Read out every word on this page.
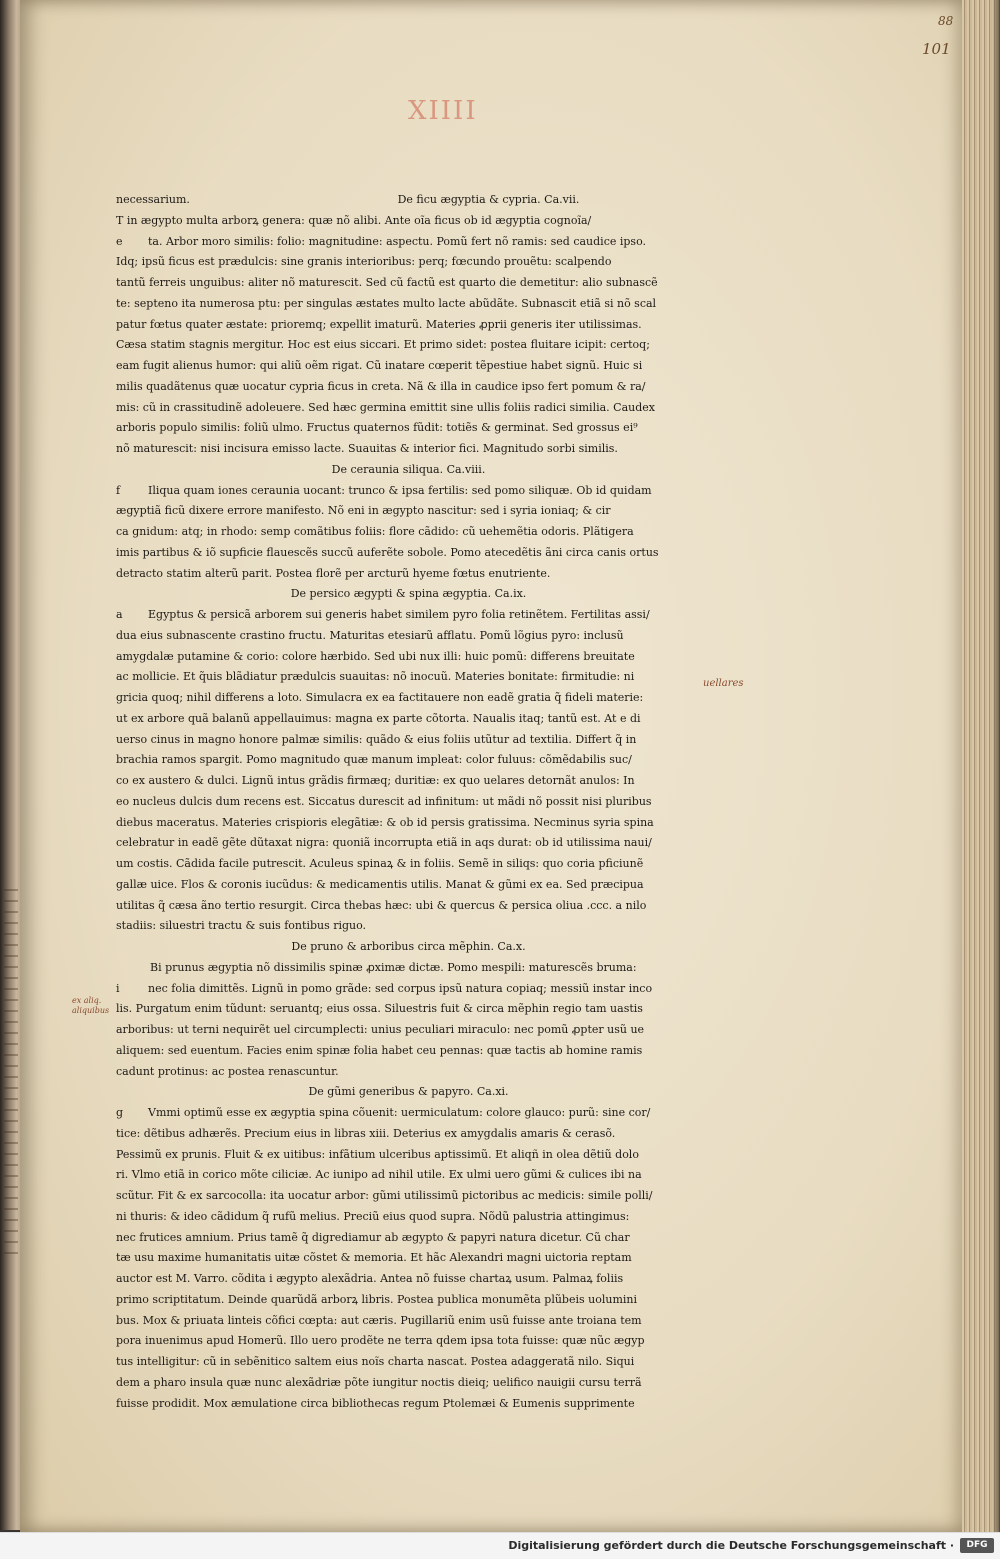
88
101
XIIII
necessarium.	De ficu ægyptia & cypria. Ca.vii.
T in ægypto multa arborꝝ genera: quæ nõ alibi. Ante oĩa ficus ob id ægyptia cognoĩa/
e ta. Arbor moro similis: folio: magnitudine: aspectu. Pomũ fert nõ ramis: sed caudice ipso.
Idq; ipsũ ficus est prædulcis: sine granis interioribus: perq; fœcundo prouẽtu: scalpendo
tantũ ferreis unguibus: aliter nõ maturescit. Sed cũ factũ est quarto die demetitur: alio subnascẽ
te: septeno ita numerosa ptu: per singulas æstates multo lacte abũdãte. Subnascit etiã si nõ scal
patur fœtus quater æstate: prioremq; expellit imaturũ. Materies ꝓprii generis iter utilissimas.
Cæsa statim stagnis mergitur. Hoc est eius siccari. Et primo sidet: postea fluitare icipit: certoq;
eam fugit alienus humor: qui aliũ oẽm rigat. Cũ inatare cœperit tẽpestiue habet signũ. Huic si
milis quadãtenus quæ uocatur cypria ficus in creta. Nã & illa in caudice ipso fert pomum & ra/
mis: cũ in crassitudinẽ adoleuere. Sed hæc germina emittit sine ullis foliis radici similia. Caudex
arboris populo similis: foliũ ulmo. Fructus quaternos fũdit: totiẽs & germinat. Sed grossus ei⁹
nõ maturescit: nisi incisura emisso lacte. Suauitas & interior fici. Magnitudo sorbi similis.
De ceraunia siliqua. Ca.viii.
f	Iliqua quam iones ceraunia uocant: trunco & ipsa fertilis: sed pomo siliquæ. Ob id quidam
ægyptiã ficũ dixere errore manifesto. Nõ eni in ægypto nascitur: sed i syria ioniaq; & cir
ca gnidum: atq; in rhodo: semp comãtibus foliis: flore cãdido: cũ uehemẽtia odoris. Plãtigera
imis partibus & iõ supficie flauescẽs succũ auferẽte sobole. Pomo atecedẽtis ãni circa canis ortus
detracto statim alterũ parit. Postea florẽ per arcturũ hyeme fœtus enutriente.
De persico ægypti & spina ægyptia. Ca.ix.
a Egyptus & persicã arborem sui generis habet similem pyro folia retinẽtem. Fertilitas assi/
dua eius subnascente crastino fructu. Maturitas etesiarũ afflatu. Pomũ lõgius pyro: inclusũ
amygdalæ putamine & corio: colore hærbido. Sed ubi nux illi: huic pomũ: differens breuitate
ac mollicie. Et q̃uis blãdiatur prædulcis suauitas: nõ inocuũ. Materies bonitate: firmitudie: ni
gricia quoq; nihil differens a loto. Simulacra ex ea factitauere non eadẽ gratia q̃ fideli materie:
ut ex arbore quã balanũ appellauimus: magna ex parte cõtorta. Naualis itaq; tantũ est. At e di
uerso cinus in magno honore palmæ similis: quãdo & eius foliis utũtur ad textilia. Differt q̃ in
brachia ramos spargit. Pomo magnitudo quæ manum impleat: color fuluus: cõmẽdabilis suc/
co ex austero & dulci. Lignũ intus grãdis firmæq; duritiæ: ex quo uelares detornãt anulos: In
eo nucleus dulcis dum recens est. Siccatus durescit ad infinitum: ut mãdi nõ possit nisi pluribus
diebus maceratus. Materies crispioris elegãtiæ: & ob id persis gratissima. Necminus syria spina
celebratur in eadẽ gẽte dũtaxat nigra: quoniã incorrupta etiã in aqs durat: ob id utilissima naui/
um costis. Cãdida facile putrescit. Aculeus spinaꝝ & in foliis. Semẽ in siliqs: quo coria pficiunẽ
gallæ uice. Flos & coronis iucũdus: & medicamentis utilis. Manat & gũmi ex ea. Sed præcipua
utilitas q̃ cæsa ãno tertio resurgit. Circa thebas hæc: ubi & quercus & persica oliua .ccc. a nilo
stadiis: siluestri tractu & suis fontibus riguo.
De pruno & arboribus circa mẽphin. Ca.x.
Bi prunus ægyptia nõ dissimilis spinæ ꝓximæ dictæ. Pomo mespili: maturescẽs bruma:
i	nec folia dimittẽs. Lignũ in pomo grãde: sed corpus ipsũ natura copiaq; messiũ instar inco
lis. Purgatum enim tũdunt: seruantq; eius ossa. Siluestris fuit & circa mẽphin regio tam uastis
arboribus: ut terni nequirẽt uel circumplecti: unius peculiari miraculo: nec pomũ ꝓpter usũ ue
aliquem: sed euentum. Facies enim spinæ folia habet ceu pennas: quæ tactis ab homine ramis
cadunt protinus: ac postea renascuntur.
De gũmi generibus & papyro. Ca.xi.
g Vmmi optimũ esse ex ægyptia spina cõuenit: uermiculatum: colore glauco: purũ: sine cor/
tice: dẽtibus adhærẽs. Precium eius in libras xiii. Deterius ex amygdalis amaris & cerasõ.
Pessimũ ex prunis. Fluit & ex uitibus: infãtium ulceribus aptissimũ. Et aliqñ in olea dẽtiũ dolo
ri. Vlmo etiã in corico mõte ciliciæ. Ac iunipo ad nihil utile. Ex ulmi uero gũmi & culices ibi na
scũtur. Fit & ex sarcocolla: ita uocatur arbor: gũmi utilissimũ pictoribus ac medicis: simile polli/
ni thuris: & ideo cãdidum q̃ rufũ melius. Preciũ eius quod supra. Nõdũ palustria attingimus:
nec frutices amnium. Prius tamẽ q̃ digrediamur ab ægypto & papyri natura dicetur. Cũ char
tæ usu maxime humanitatis uitæ cõstet & memoria. Et hãc Alexandri magni uictoria reptam
auctor est M. Varro. cõdita i ægypto alexãdria. Antea nõ fuisse chartaꝝ usum. Palmaꝝ foliis
primo scriptitatum. Deinde quarũdã arborꝝ libris. Postea publica monumẽta plũbeis uolumini
bus. Mox & priuata linteis cõfici cœpta: aut cæris. Pugillariũ enim usũ fuisse ante troiana tem
pora inuenimus apud Homerũ. Illo uero prodẽte ne terra qdem ipsa tota fuisse: quæ nũc ægyp
tus intelligitur: cũ in sebẽnitico saltem eius noĩs charta nascat. Postea adaggeratã nilo. Siqui
dem a pharo insula quæ nunc alexãdriæ põte iungitur noctis dieiq; uelifico nauigii cursu terrã
fuisse prodidit. Mox æmulatione circa bibliothecas regum Ptolemæi & Eumenis supprimente
uellares
ex aliq. aliquibus
Digitalisierung gefördert durch die Deutsche Forschungsgemeinschaft ·	DFG
